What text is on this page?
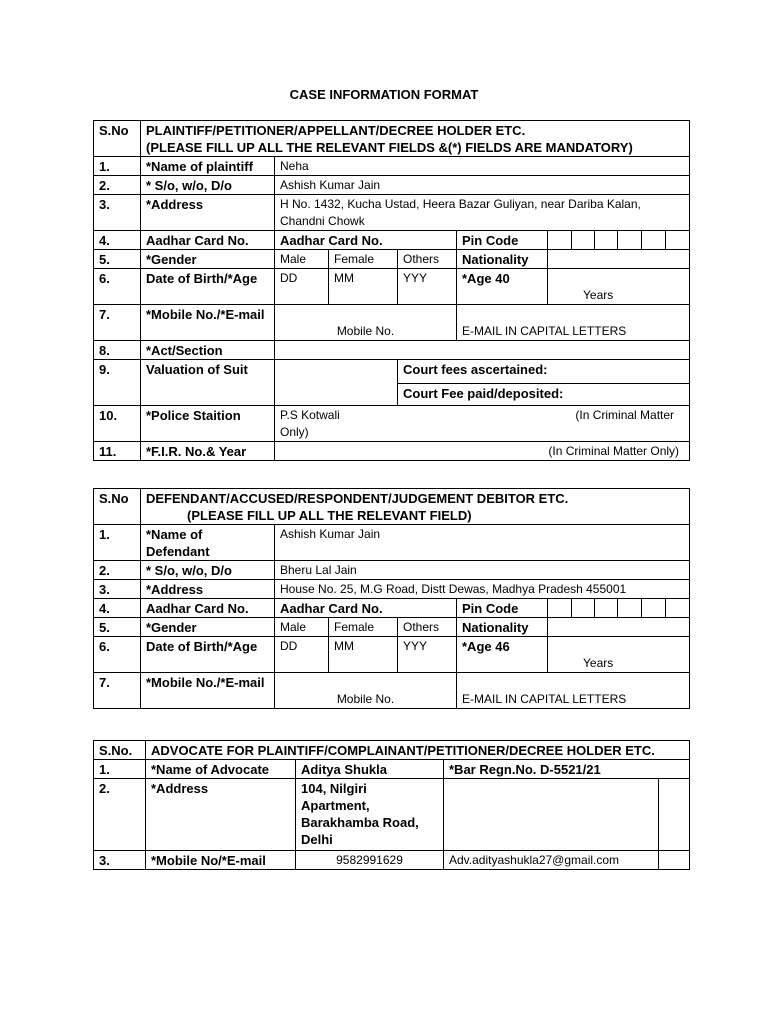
CASE INFORMATION FORMAT
S.No	PLAINTIFF/PETITIONER/APPELLANT/DECREE HOLDER ETC.
(PLEASE FILL UP ALL THE RELEVANT FIELDS &(*) FIELDS ARE MANDATORY)										

1.	*Name of plaintiff	Neha									
2.	* S/o, w/o, D/o	Ashish Kumar Jain									
3.	*Address	H No. 1432, Kucha Ustad, Heera Bazar Guliyan, near Dariba Kalan, Chandni Chowk									
4.	Aadhar Card No.	Aadhar Card No.			Pin Code						
5.	*Gender	Male	Female	Others	Nationality						
6.	Date of Birth/*Age	DD	MM	YYY	*Age 40	Years					
7.	*Mobile No./*E-mail	Mobile No.			E-MAIL IN CAPITAL LETTERS						
8.	*Act/Section										
9.	Valuation of Suit			Court fees ascertained:							
				Court Fee paid/deposited:							
10.	*Police Staition	P.S Kotwali (In Criminal Matter
Only)									

11.	*F.I.R. No.& Year	(In Criminal Matter Only)									
S.No	DEFENDANT/ACCUSED/RESPONDENT/JUDGEMENT DEBITOR ETC.
(PLEASE FILL UP ALL THE RELEVANT FIELD)										

1.	*Name of Defendant	Ashish Kumar Jain									
2.	* S/o, w/o, D/o	Bheru Lal Jain									
3.	*Address	House No. 25, M.G Road, Distt Dewas, Madhya Pradesh 455001									
4.	Aadhar Card No.	Aadhar Card No.			Pin Code						
5.	*Gender	Male	Female	Others	Nationality						
6.	Date of Birth/*Age	DD	MM	YYY	*Age 46	Years					
7.	*Mobile No./*E-mail	Mobile No.			E-MAIL IN CAPITAL LETTERS						
S.No.	ADVOCATE FOR PLAINTIFF/COMPLAINANT/PETITIONER/DECREE HOLDER ETC.			
1.	*Name of Advocate	Aditya Shukla	*Bar Regn.No. D-5521/21	
2.	*Address	104, Nilgiri Apartment, Barakhamba Road, Delhi		
3.	*Mobile No/*E-mail	9582991629	Adv.adityashukla27@gmail.com	
